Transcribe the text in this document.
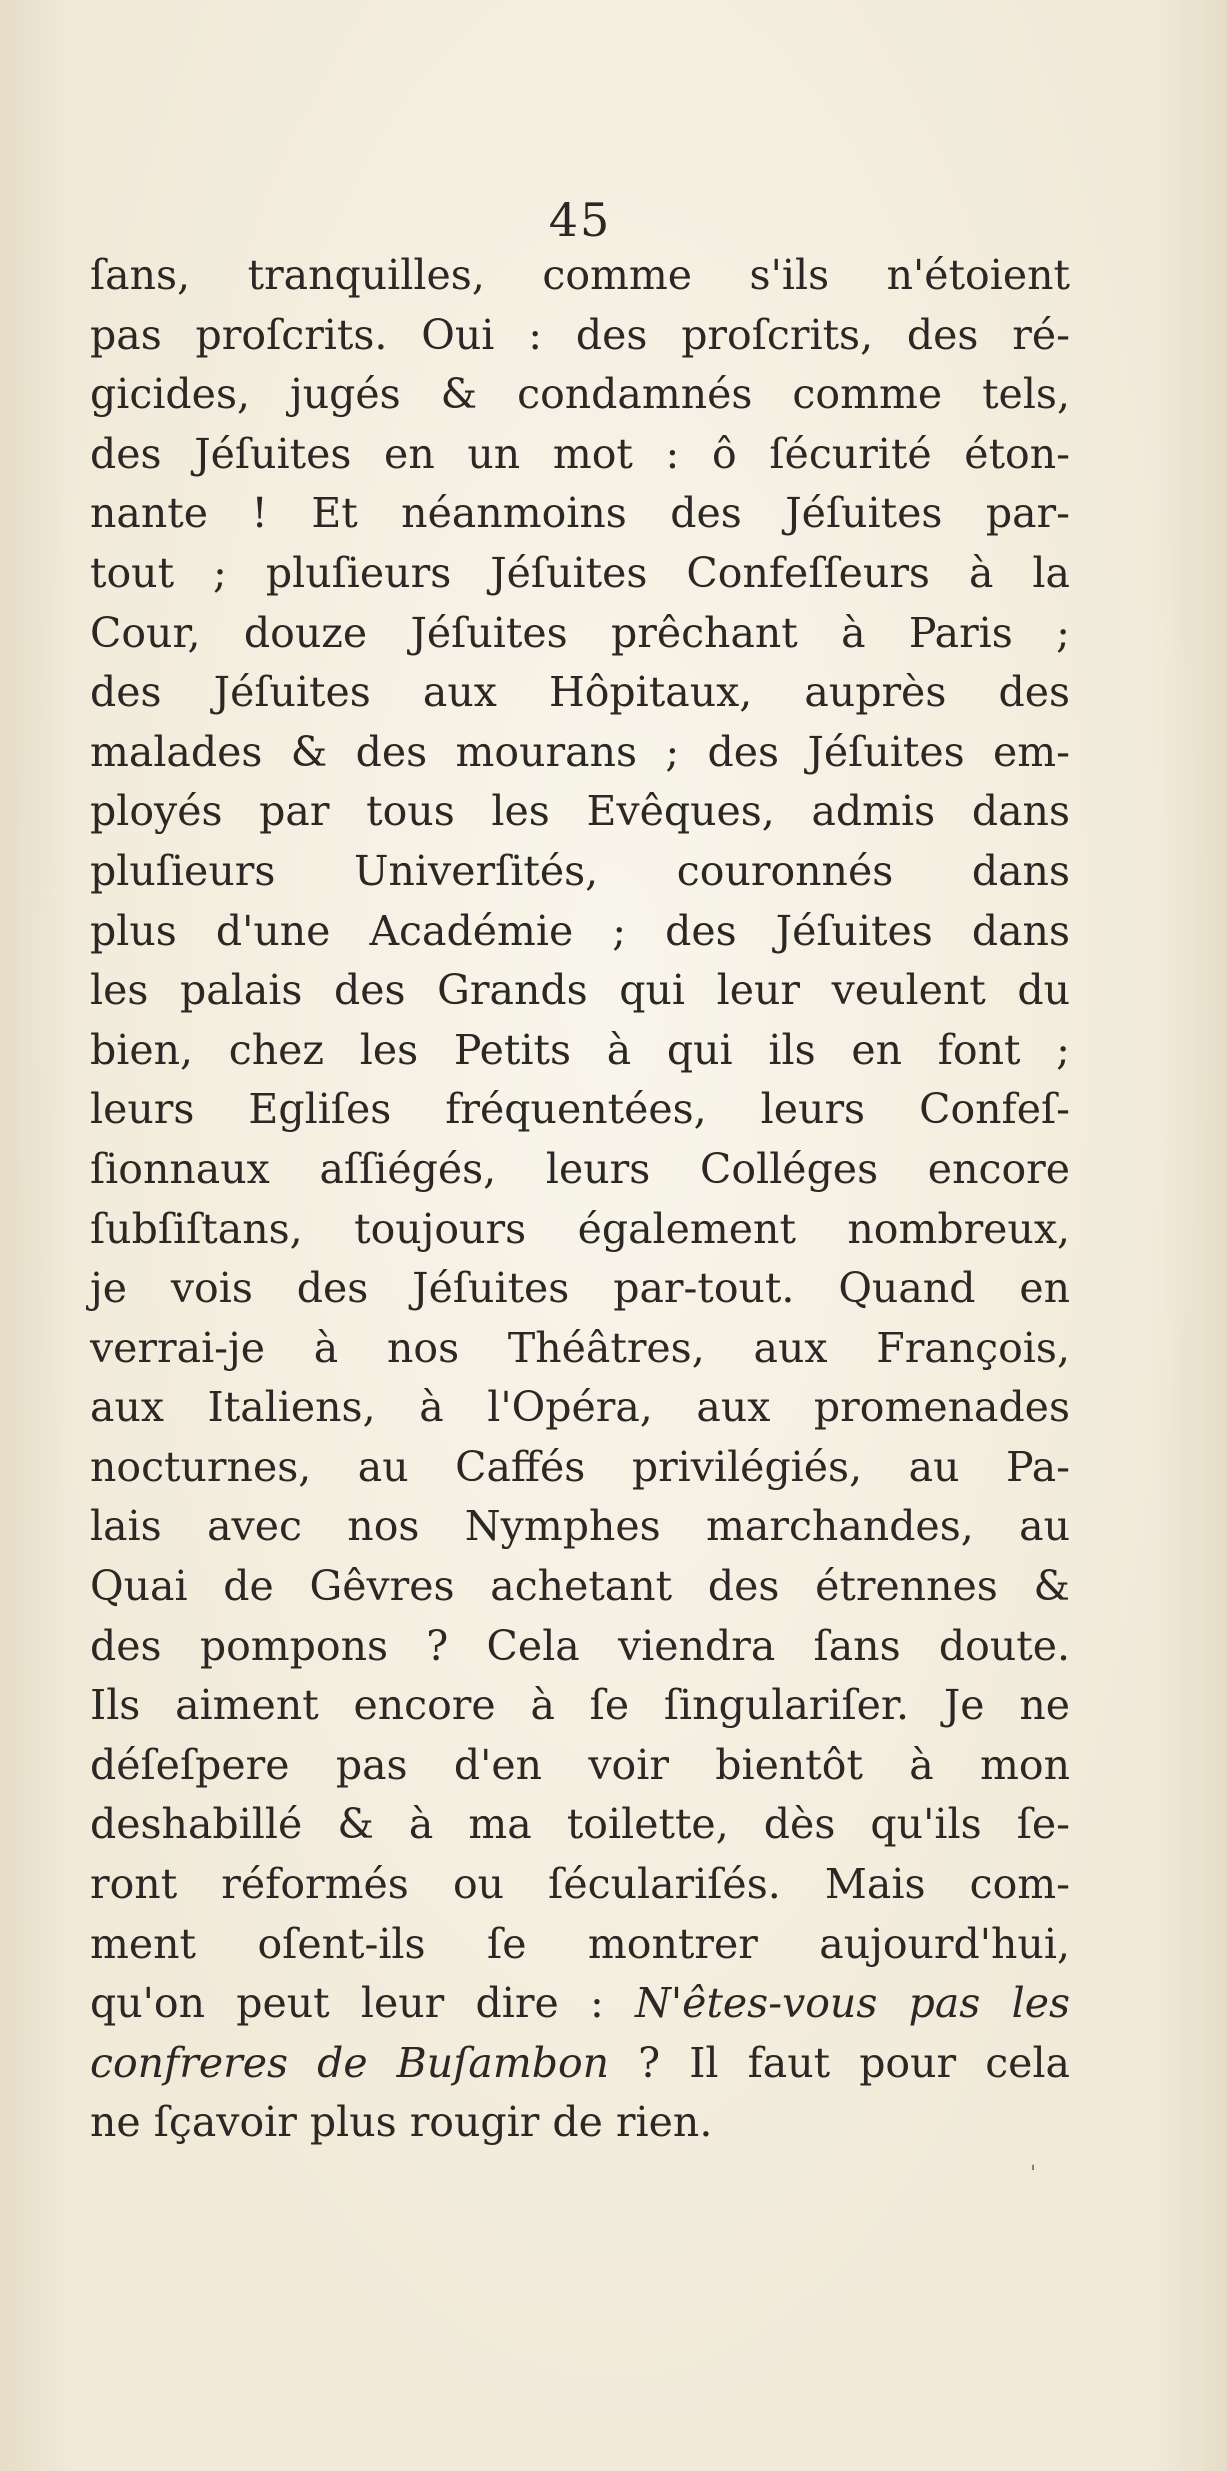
45
ſans, tranquilles, comme s'ils n'étoient
pas proſcrits. Oui : des proſcrits, des ré-
gicides, jugés & condamnés comme tels,
des Jéſuites en un mot : ô ſécurité éton-
nante ! Et néanmoins des Jéſuites par-
tout ; pluſieurs Jéſuites Confeſſeurs à la
Cour, douze Jéſuites prêchant à Paris ;
des Jéſuites aux Hôpitaux, auprès des
malades & des mourans ; des Jéſuites em-
ployés par tous les Evêques, admis dans
pluſieurs Univerſités, couronnés dans
plus d'une Académie ; des Jéſuites dans
les palais des Grands qui leur veulent du
bien, chez les Petits à qui ils en font ;
leurs Egliſes fréquentées, leurs Confeſ-
ſionnaux aſſiégés, leurs Colléges encore
ſubſiſtans, toujours également nombreux,
je vois des Jéſuites par-tout. Quand en
verrai-je à nos Théâtres, aux François,
aux Italiens, à l'Opéra, aux promenades
nocturnes, au Caffés privilégiés, au Pa-
lais avec nos Nymphes marchandes, au
Quai de Gêvres achetant des étrennes &
des pompons ? Cela viendra ſans doute.
Ils aiment encore à ſe ſingulariſer. Je ne
déſeſpere pas d'en voir bientôt à mon
deshabillé & à ma toilette, dès qu'ils ſe-
ront réformés ou ſéculariſés. Mais com-
ment oſent-ils ſe montrer aujourd'hui,
qu'on peut leur dire : N'êtes-vous pas les
confreres de Buſambon ? Il faut pour cela
ne ſçavoir plus rougir de rien.
ˌ
